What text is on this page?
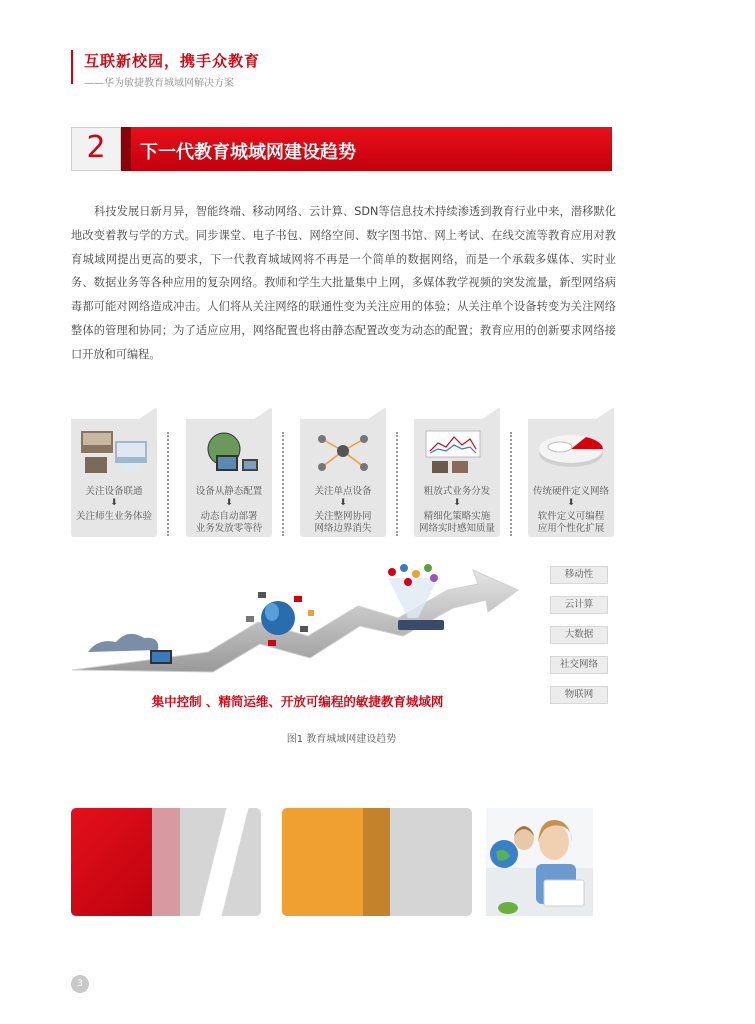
互联新校园，携手众教育
——华为敏捷教育城域网解决方案
2	下一代教育城域网建设趋势

科技发展日新月异，智能终端、移动网络、云计算、SDN等信息技术持续渗透到教育行业中来，潜移默化地改变着教与学的方式。同步课堂、电子书包、网络空间、数字图书馆、网上考试、在线交流等教育应用对教育城域网提出更高的要求，下一代教育城域网将不再是一个简单的数据网络，而是一个承载多媒体、实时业务、数据业务等各种应用的复杂网络。教师和学生大批量集中上网，多媒体教学视频的突发流量，新型网络病毒都可能对网络造成冲击。人们将从关注网络的联通性变为关注应用的体验；从关注单个设备转变为关注网络整体的管理和协同；为了适应应用，网络配置也将由静态配置改变为动态的配置；教育应用的创新要求网络接口开放和可编程。

关注设备联通
⬇
关注师生业务体验
设备从静态配置
⬇
动态自动部署
业务发放零等待
关注单点设备
⬇
关注整网协同
网络边界消失
粗放式业务分发
⬇
精细化策略实施
网络实时感知质量
传统硬件定义网络
⬇
软件定义可编程
应用个性化扩展
移动性
云计算
大数据
社交网络
物联网
集中控制 、精简运维、开放可编程的敏捷教育城域网
图1 教育城域网建设趋势
3
